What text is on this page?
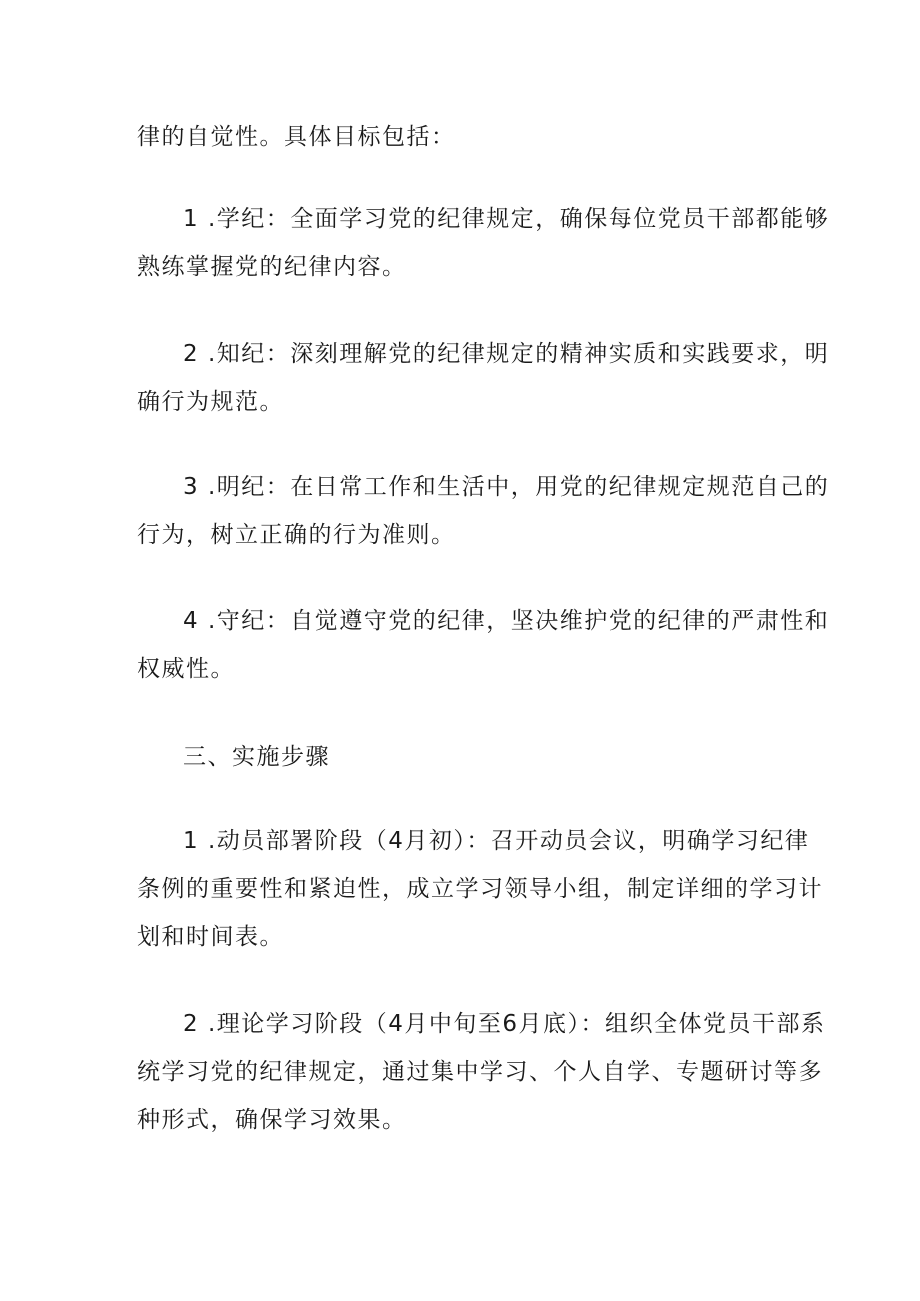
律的自觉性。具体目标包括：

1 .学纪：全面学习党的纪律规定，确保每位党员干部都能够
熟练掌握党的纪律内容。

2 .知纪：深刻理解党的纪律规定的精神实质和实践要求，明
确行为规范。

3 .明纪：在日常工作和生活中，用党的纪律规定规范自己的
行为，树立正确的行为准则。

4 .守纪：自觉遵守党的纪律，坚决维护党的纪律的严肃性和
权威性。

三、实施步骤

1 .动员部署阶段（4月初）：召开动员会议，明确学习纪律
条例的重要性和紧迫性，成立学习领导小组，制定详细的学习计
划和时间表。

2 .理论学习阶段（4月中旬至6月底）：组织全体党员干部系
统学习党的纪律规定，通过集中学习、个人自学、专题研讨等多
种形式，确保学习效果。
